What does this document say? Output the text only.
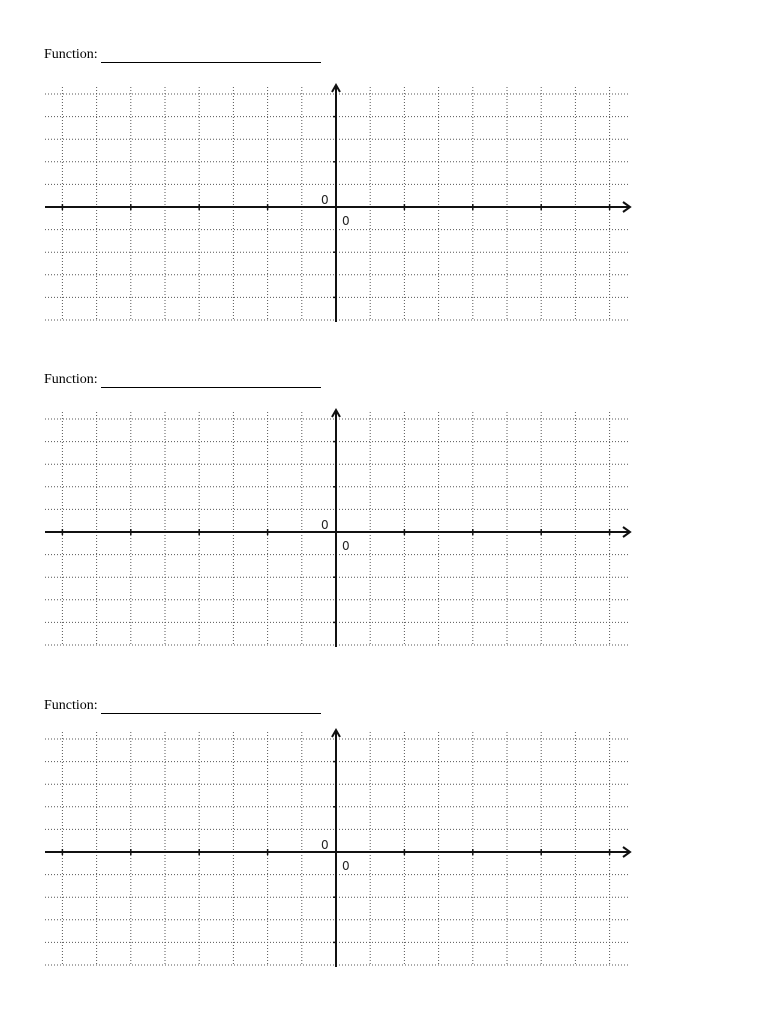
Function:
0
0
Function:
0
0
Function:
0
0
